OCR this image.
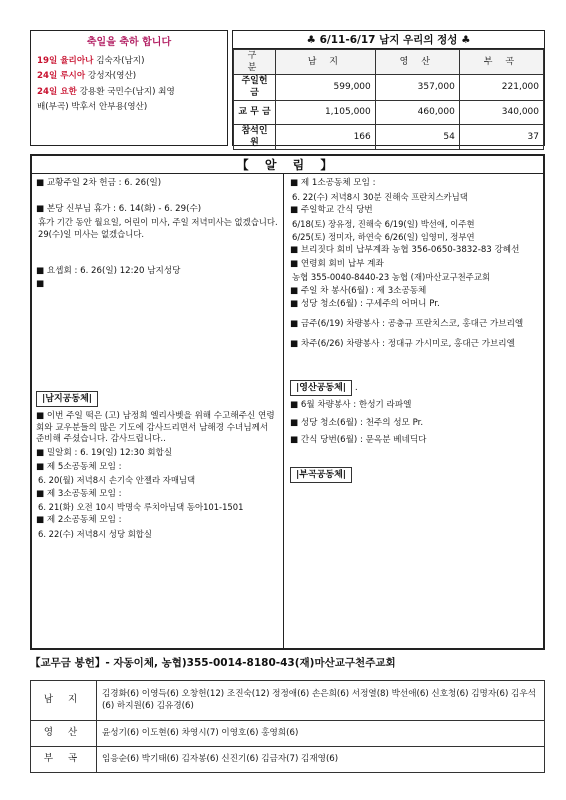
축일을 축하 합니다
19일 율리아나 김숙자(남지)
24일 루시아 강성자(영산)
24일 요한 강용환 국민수(남지) 최영
배(부곡) 박후서 안부용(영산)
♣ 6/11-6/17 남지 우리의 정성 ♣
구 분	남 지	영 산	부 곡
주일헌금	599,000	357,000	221,000
교 무 금	1,105,000	460,000	340,000
참석인원	166	54	37
【 알 림 】
■ 교황주일 2차 헌금 : 6. 26(일)
■ 본당 신부님 휴가 : 6. 14(화) - 6. 29(수)
휴가 기간 동안 월요일, 어린이 미사, 주일 저녁미사는 없겠습니다. 29(수)일 미사는 없겠습니다.
■ 요셉회 : 6. 26(일) 12:20 남지성당
■
|남지공동체|
■ 이번 주일 떡은 (고) 남정희 엘리사벳을 위해 수고해주신 연령회와 교우분들의 많은 기도에 감사드리면서 남해경 수녀님께서 준비해 주셨습니다. 감사드립니다..
■ 밀알회 : 6. 19(일) 12:30 회합실
■ 제 5소공동체 모임 :
6. 20(월) 저녁8시 손기숙 안젤라 자매님댁
■ 제 3소공동체 모임 :
6. 21(화) 오전 10시 박명숙 루치아님댁 동아101-1501
■ 제 2소공동체 모임 :
6. 22(수) 저녁8시 성당 회합실
■ 제 1소공동체 모임 :
6. 22(수) 저녁8시 30분 진해숙 프란치스카님댁
■ 주일학교 간식 당번
6/18(토) 장유정, 진해숙 6/19(일) 박선애, 이주현
6/25(토) 정미자, 하연숙 6/26(일) 임영미, 정부연
■ 브리짓다 회비 납부계좌 농협 356-0650-3832-83 강혜선
■ 연령회 회비 납부 계좌
농협 355-0040-8440-23 농협 (재)마산교구천주교회
■ 주일 차 봉사(6월) : 제 3소공동체
■ 성당 청소(6월) : 구세주의 어머니 Pr.
■ 금주(6/19) 차량봉사 : 공충규 프란치스코, 홍대근 가브리엘
■ 차주(6/26) 차량봉사 : 정대규 가시미로, 홍대근 가브리엘
|영산공동체| .
■ 6월 차량봉사 : 한성기 라파엘
■ 성당 청소(6월) : 천주의 성모 Pr.
■ 간식 당번(6월) : 문옥분 베네딕다
|부곡공동체|
【교무금 봉헌】- 자동이체, 농협)355-0014-8180-43(재)마산교구천주교회
남 지	김경화(6) 이영득(6) 오창헌(12) 조진숙(12) 정정애(6) 손은희(6) 서정열(8) 박선애(6) 신호청(6) 김명자(6) 김우석(6) 하지원(6) 김유경(6)
영 산	윤성기(6) 이도현(6) 차영시(7) 이영호(6) 홍영희(6)
부 곡	임응순(6) 박기태(6) 김자봉(6) 신진기(6) 김금자(7) 김재영(6)
